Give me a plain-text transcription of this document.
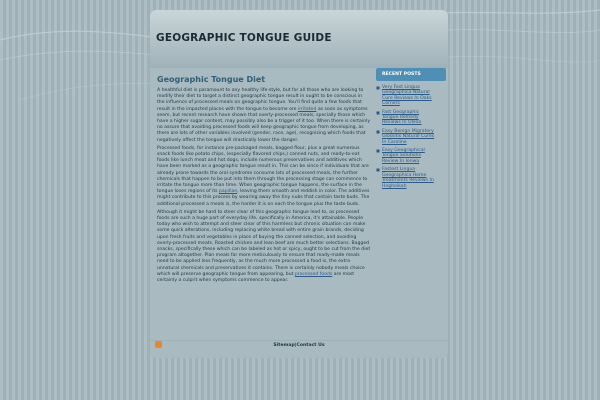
GEOGRAPHIC TONGUE GUIDE
Geographic Tongue Diet

A healthful diet is paramount to any healthy life-style, but for all those who are looking to modify their diet to target a distinct geographic tongue result in ought to be conscious in the influence of processed meals on geographic tongue. You'll find quite a few foods that result in the impacted places with the tongue to become ore irritated as soon as symptoms seem, but recent research have shown that overly-processed meals, specially those which have a higher sugar content, may possibly also be a trigger of it too. When there is certainly no assure that avoiding processed foods will keep geographic tongue from developing, as there are lots of other variables involved (gender, race, age), recognizing which foods that negatively affect the tongue will drastically lower the danger.

Processed foods, for instance pre-packaged meals, bagged flour, plus a great numerous snack foods like potato chips, (especially flavored chips,) canned nuts, and ready-to-eat foods like lunch meat and hot dogs, include numerous preservatives and additives which have been marked as a geographic tongue result in. This can be since if individuals that are already prone towards the oral syndrome consume lots of processed meals, the further chemicals that happen to be put into them through the processing stage can commence to irritate the tongue more than time. When geographic tongue happens, the surface in the tongue loses regions of its papillae, leaving them smooth and reddish in color. The additives might contribute to this process by wearing away the tiny nubs that contain taste buds. The additional processed a meals is, the harder it is on each the tongue plus the taste buds.

Although it might be hard to steer clear of this geographic tongue lead to, as processed foods are such a huge part of everyday life, specifically in America, it's attainable. People today who wish to attempt and steer clear of this harmless but chronic situation can make some quick alterations, including replacing white bread with entire grain brands, deciding upon fresh fruits and vegetables in place of buying the canned selection, and avoiding overly-processed meats. Roasted chicken and lean beef are much better selections. Bagged snacks, specifically these which can be labeled as hot or spicy, ought to be cut from the diet program altogether. Plan meals far more meticulously to ensure that ready-made meals need to be applied less frequently, as the much more processed a food is, the extra unnatural chemicals and preservatives it contains. There is certainly nobody meals choice which will preserve geographic tongue from appearing, but processed foods are most certainly a culprit when symptoms commence to appear.

RECENT POSTS
Very Fast Lingua Geographica Natural Cure Reviews In Oaks Corners
Fast Geographic Tongue Remedy Reviews In Olean
Easy Benign Migratory Glossitis Natural Cures In Caroline
Easy Geographical Tongue Solutions Review In Ionwa
Fastest Lingua Geographica Home Treatments Reviews In Hegheikah
Sitemap|Contact Us
